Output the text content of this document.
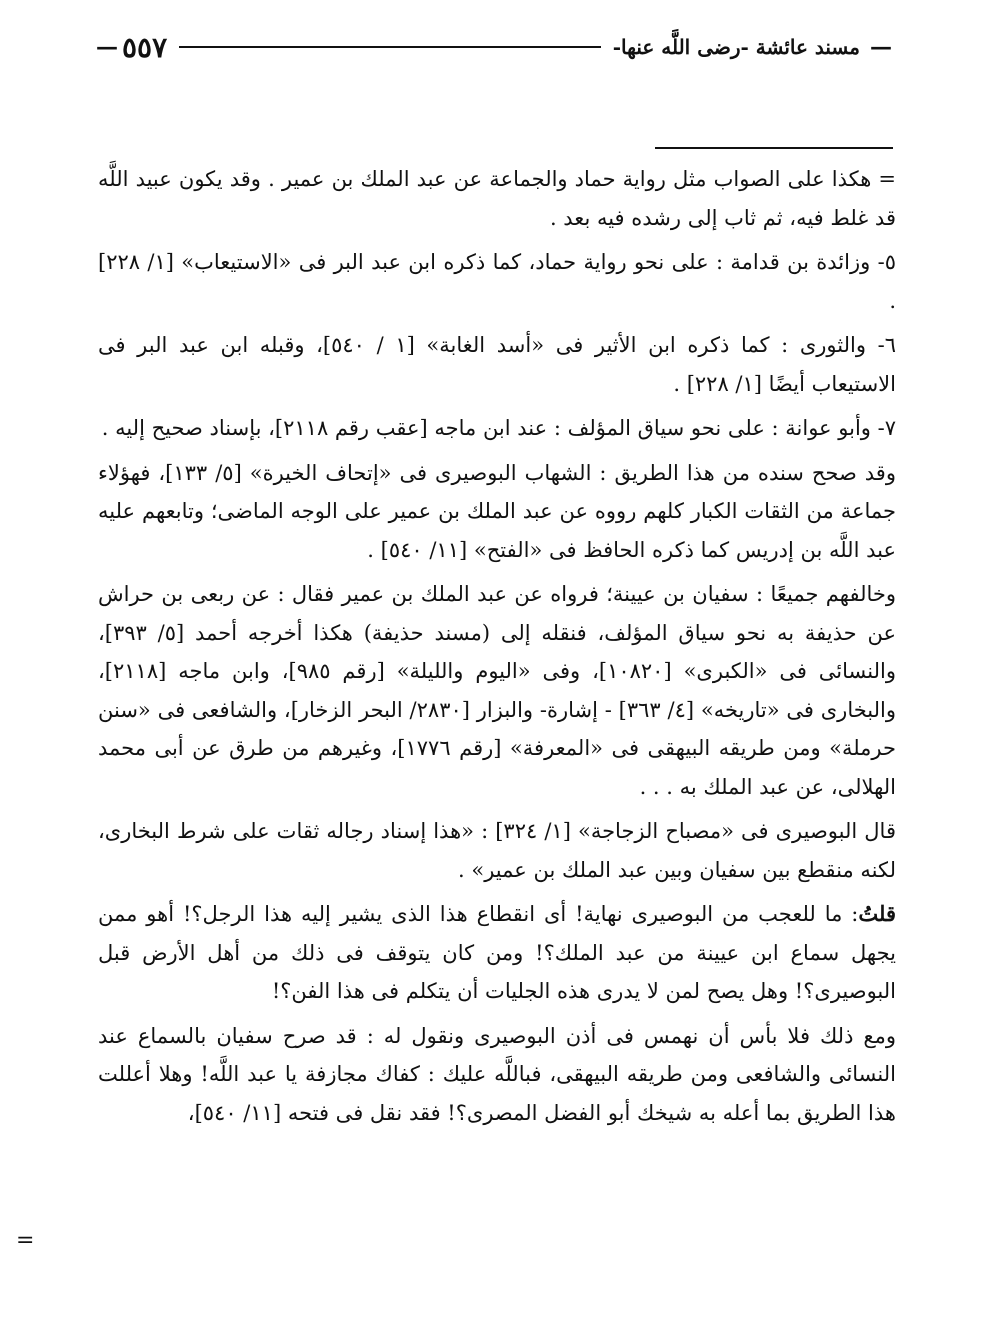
—
مسند عائشة -رضى اللَّه عنها-
٥٥٧
—

= هكذا على الصواب مثل رواية حماد والجماعة عن عبد الملك بن عمير . وقد يكون عبيد اللَّه قد غلط فيه، ثم ثاب إلى رشده فيه بعد .

٥- وزائدة بن قدامة : على نحو رواية حماد، كما ذكره ابن عبد البر فى «الاستيعاب» [١/ ٢٢٨] .

٦- والثورى : كما ذكره ابن الأثير فى «أسد الغابة» [١ / ٥٤٠]، وقبله ابن عبد البر فى الاستيعاب أيضًا [١/ ٢٢٨] .

٧- وأبو عوانة : على نحو سياق المؤلف : عند ابن ماجه [عقب رقم ٢١١٨]، بإسناد صحيح إليه .

وقد صحح سنده من هذا الطريق : الشهاب البوصيرى فى «إتحاف الخيرة» [٥/ ١٣٣]، فهؤلاء جماعة من الثقات الكبار كلهم رووه عن عبد الملك بن عمير على الوجه الماضى؛ وتابعهم عليه عبد اللَّه بن إدريس كما ذكره الحافظ فى «الفتح» [١١/ ٥٤٠] .

وخالفهم جميعًا : سفيان بن عيينة؛ فرواه عن عبد الملك بن عمير فقال : عن ربعى بن حراش عن حذيفة به نحو سياق المؤلف، فنقله إلى (مسند حذيفة) هكذا أخرجه أحمد [٥/ ٣٩٣]، والنسائى فى «الكبرى» [١٠٨٢٠]، وفى «اليوم والليلة» [رقم ٩٨٥]، وابن ماجه [٢١١٨]، والبخارى فى «تاريخه» [٤/ ٣٦٣] - إشارة- والبزار [٢٨٣٠/ البحر الزخار]، والشافعى فى «سنن حرملة» ومن طريقه البيهقى فى «المعرفة» [رقم ١٧٧٦]، وغيرهم من طرق عن أبى محمد الهلالى، عن عبد الملك به . . .

قال البوصيرى فى «مصباح الزجاجة» [١/ ٣٢٤] : «هذا إسناد رجاله ثقات على شرط البخارى، لكنه منقطع بين سفيان وبين عبد الملك بن عمير» .

قلتُ: ما للعجب من البوصيرى نهاية! أى انقطاع هذا الذى يشير إليه هذا الرجل؟! أهو ممن يجهل سماع ابن عيينة من عبد الملك؟! ومن كان يتوقف فى ذلك من أهل الأرض قبل البوصيرى؟! وهل يصح لمن لا يدرى هذه الجليات أن يتكلم فى هذا الفن؟!

ومع ذلك فلا بأس أن نهمس فى أذن البوصيرى ونقول له : قد صرح سفيان بالسماع عند النسائى والشافعى ومن طريقه البيهقى، فباللَّه عليك : كفاك مجازفة يا عبد اللَّه! وهلا أعللت هذا الطريق بما أعله به شيخك أبو الفضل المصرى؟! فقد نقل فى فتحه [١١/ ٥٤٠]،

=
